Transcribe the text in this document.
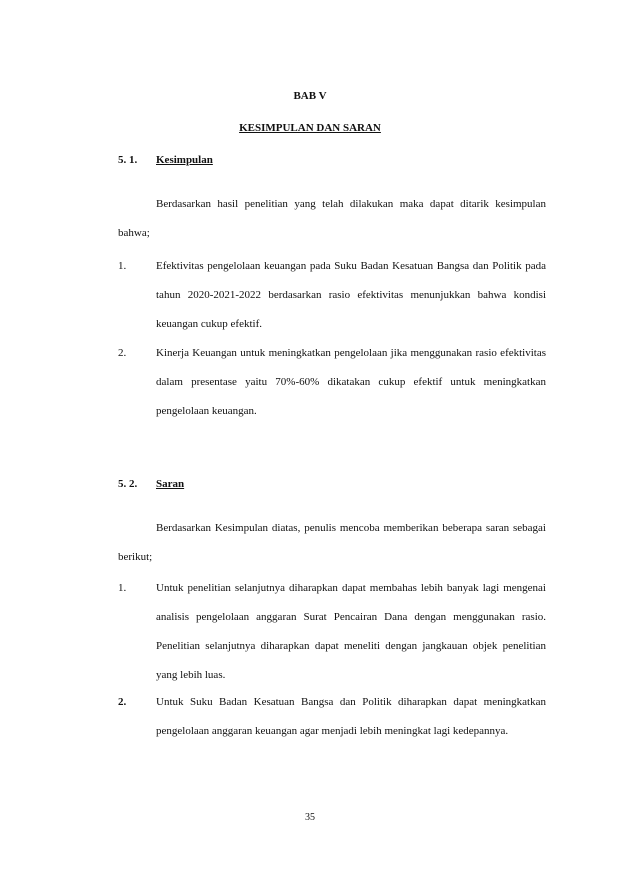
BAB V
KESIMPULAN DAN SARAN
5. 1. Kesimpulan
Berdasarkan hasil penelitian yang telah dilakukan maka dapat ditarik kesimpulan bahwa;
1.	Efektivitas pengelolaan keuangan pada Suku Badan Kesatuan Bangsa dan Politik pada tahun 2020-2021-2022 berdasarkan rasio efektivitas menunjukkan bahwa kondisi keuangan cukup efektif.
2.	Kinerja Keuangan untuk meningkatkan pengelolaan jika menggunakan rasio efektivitas dalam presentase yaitu 70%-60% dikatakan cukup efektif untuk meningkatkan pengelolaan keuangan.
5. 2. Saran
Berdasarkan Kesimpulan diatas, penulis mencoba memberikan beberapa saran sebagai berikut;
1.	Untuk penelitian selanjutnya diharapkan dapat membahas lebih banyak lagi mengenai analisis pengelolaan anggaran Surat Pencairan Dana dengan menggunakan rasio. Penelitian selanjutnya diharapkan dapat meneliti dengan jangkauan objek penelitian yang lebih luas.
2.	Untuk Suku Badan Kesatuan Bangsa dan Politik diharapkan dapat meningkatkan pengelolaan anggaran keuangan agar menjadi lebih meningkat lagi kedepannya.
35
